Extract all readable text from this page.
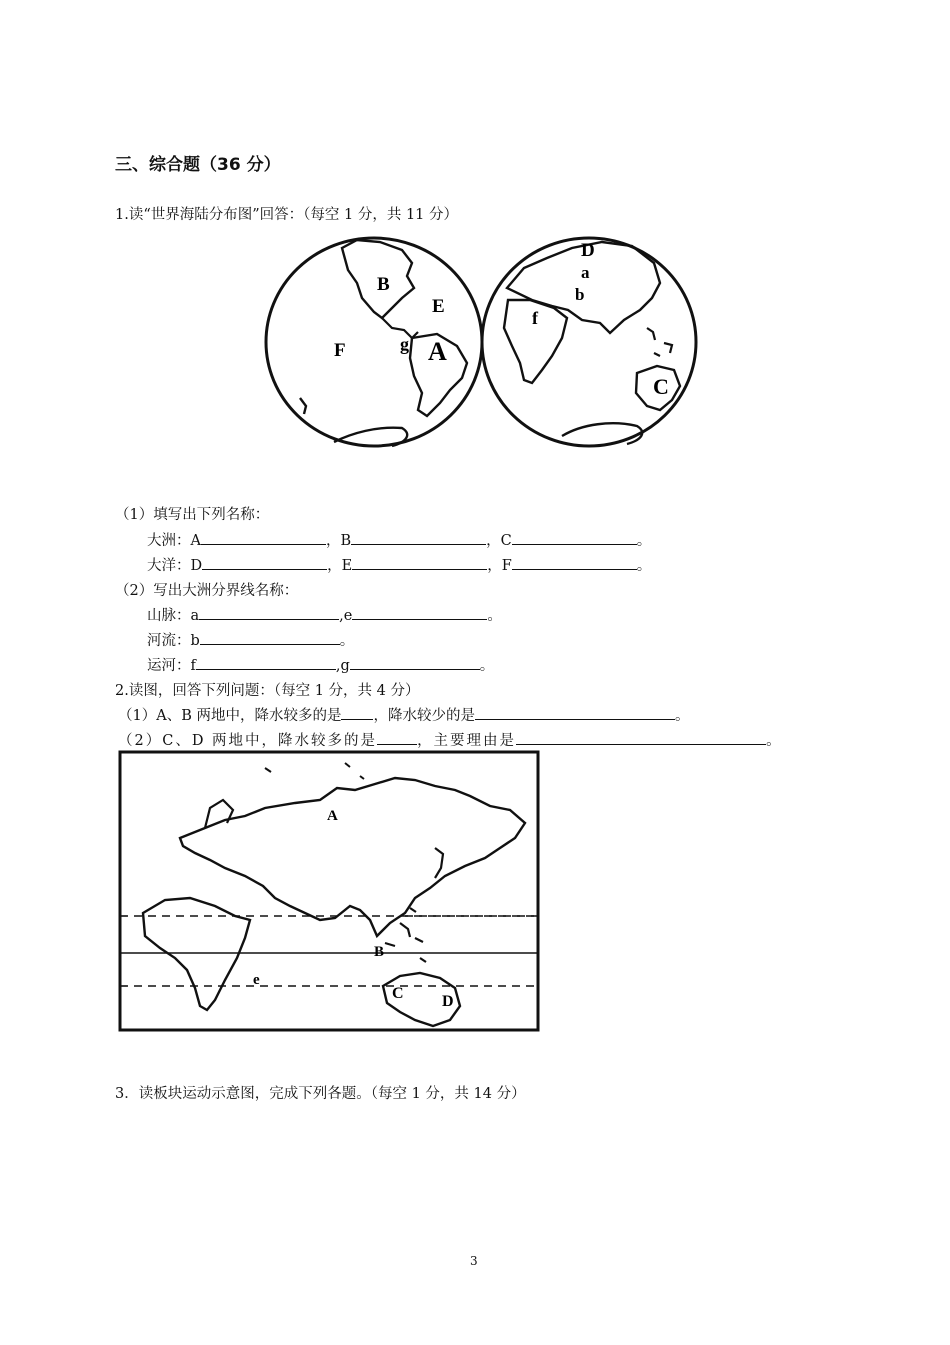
三、综合题（36 分）
1.读“世界海陆分布图”回答：（每空 1 分，共 11 分）
B
E
F	g A
D
a
b
f
C
（1）填写出下列名称：
大洲：A	，B	，C	。
大洋：D	，E	，F	。
（2）写出大洲分界线名称：
山脉：a	,e	。
河流：b	。
运河：f	,g	。
2.读图，回答下列问题：（每空 1 分，共 4 分）
（1）A、B 两地中，降水较多的是 ，降水较少的是	。
（2）C、D 两地中，降水较多的是	，主要理由是	。
A
B
C D
e
3．读板块运动示意图，完成下列各题。（每空 1 分，共 14 分）
3
